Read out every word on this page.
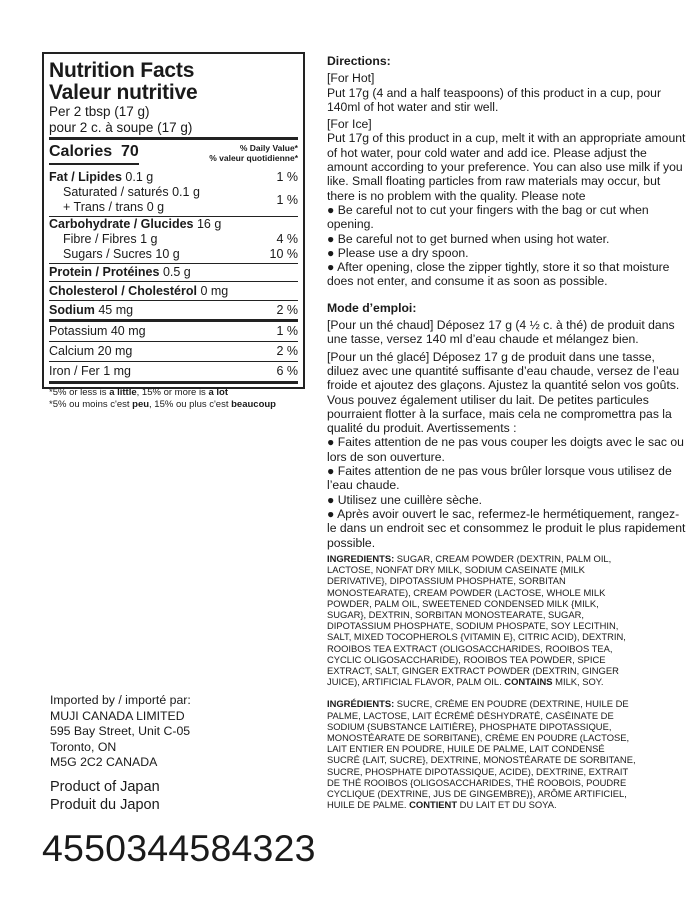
Nutrition Facts
Valeur nutritive
Per 2 tbsp (17 g)
pour 2 c. à soupe (17 g)
Calories 70	% Daily Value*
% valeur quotidienne*
Fat / Lipides 0.1 g	1 %
Saturated / saturés 0.1 g
+ Trans / trans 0 g	1 %
Carbohydrate / Glucides 16 g
Fibre / Fibres 1 g	4 %
Sugars / Sucres 10 g	10 %
Protein / Protéines 0.5 g
Cholesterol / Cholestérol 0 mg
Sodium 45 mg	2 %
Potassium 40 mg	1 %
Calcium 20 mg	2 %
Iron / Fer 1 mg	6 %
*5% or less is a little, 15% or more is a lot
*5% ou moins c'est peu, 15% ou plus c'est beaucoup

Directions:

[For Hot]

Put 17g (4 and a half teaspoons) of this product in a cup, pour 140ml of hot water and stir well.

[For Ice]

Put 17g of this product in a cup, melt it with an appropriate amount of hot water, pour cold water and add ice. Please adjust the amount according to your preference. You can also use milk if you like. Small floating particles from raw materials may occur, but there is no problem with the quality. Please note

● Be careful not to cut your fingers with the bag or cut when opening.

● Be careful not to get burned when using hot water.

● Please use a dry spoon.

● After opening, close the zipper tightly, store it so that moisture does not enter, and consume it as soon as possible.

Mode d’emploi:

[Pour un thé chaud] Déposez 17 g (4 ½ c. à thé) de produit dans une tasse, versez 140 ml d’eau chaude et mélangez bien.

[Pour un thé glacé] Déposez 17 g de produit dans une tasse, diluez avec une quantité suffisante d’eau chaude, versez de l’eau froide et ajoutez des glaçons. Ajustez la quantité selon vos goûts. Vous pouvez également utiliser du lait. De petites particules pourraient flotter à la surface, mais cela ne compromettra pas la qualité du produit. Avertissements :

● Faites attention de ne pas vous couper les doigts avec le sac ou lors de son ouverture.

● Faites attention de ne pas vous brûler lorsque vous utilisez de l’eau chaude.

● Utilisez une cuillère sèche.

● Après avoir ouvert le sac, refermez-le hermétiquement, rangez-le dans un endroit sec et consommez le produit le plus rapidement possible.

INGREDIENTS: SUGAR, CREAM POWDER (DEXTRIN, PALM OIL, LACTOSE, NONFAT DRY MILK, SODIUM CASEINATE {MILK DERIVATIVE}, DIPOTASSIUM PHOSPHATE, SORBITAN MONOSTEARATE), CREAM POWDER (LACTOSE, WHOLE MILK POWDER, PALM OIL, SWEETENED CONDENSED MILK {MILK, SUGAR}, DEXTRIN, SORBITAN MONOSTEARATE, SUGAR, DIPOTASSIUM PHOSPHATE, SODIUM PHOSPATE, SOY LECITHIN, SALT, MIXED TOCOPHEROLS {VITAMIN E}, CITRIC ACID), DEXTRIN, ROOIBOS TEA EXTRACT (OLIGOSACCHARIDES, ROOIBOS TEA, CYCLIC OLIGOSACCHARIDE), ROOIBOS TEA POWDER, SPICE EXTRACT, SALT, GINGER EXTRACT POWDER (DEXTRIN, GINGER JUICE), ARTIFICIAL FLAVOR, PALM OIL. CONTAINS MILK, SOY.

INGRÉDIENTS: SUCRE, CRÈME EN POUDRE (DEXTRINE, HUILE DE PALME, LACTOSE, LAIT ÉCRÉMÉ DÉSHYDRATÉ, CASÉINATE DE SODIUM {SUBSTANCE LAITIÈRE}, PHOSPHATE DIPOTASSIQUE, MONOSTÉARATE DE SORBITANE), CRÈME EN POUDRE (LACTOSE, LAIT ENTIER EN POUDRE, HUILE DE PALME, LAIT CONDENSÉ SUCRÉ {LAIT, SUCRE}, DEXTRINE, MONOSTÉARATE DE SORBITANE, SUCRE, PHOSPHATE DIPOTASSIQUE, ACIDE), DEXTRINE, EXTRAIT DE THÉ ROOIBOS {OLIGOSACCHARIDES, THÉ ROOBOIS, POUDRE CYCLIQUE (DEXTRINE, JUS DE GINGEMBRE)}, ARÔME ARTIFICIEL, HUILE DE PALME. CONTIENT DU LAIT ET DU SOYA.

Imported by / importé par:
MUJI CANADA LIMITED
595 Bay Street, Unit C-05
Toronto, ON
M5G 2C2 CANADA
Product of Japan
Produit du Japon
4550344584323
